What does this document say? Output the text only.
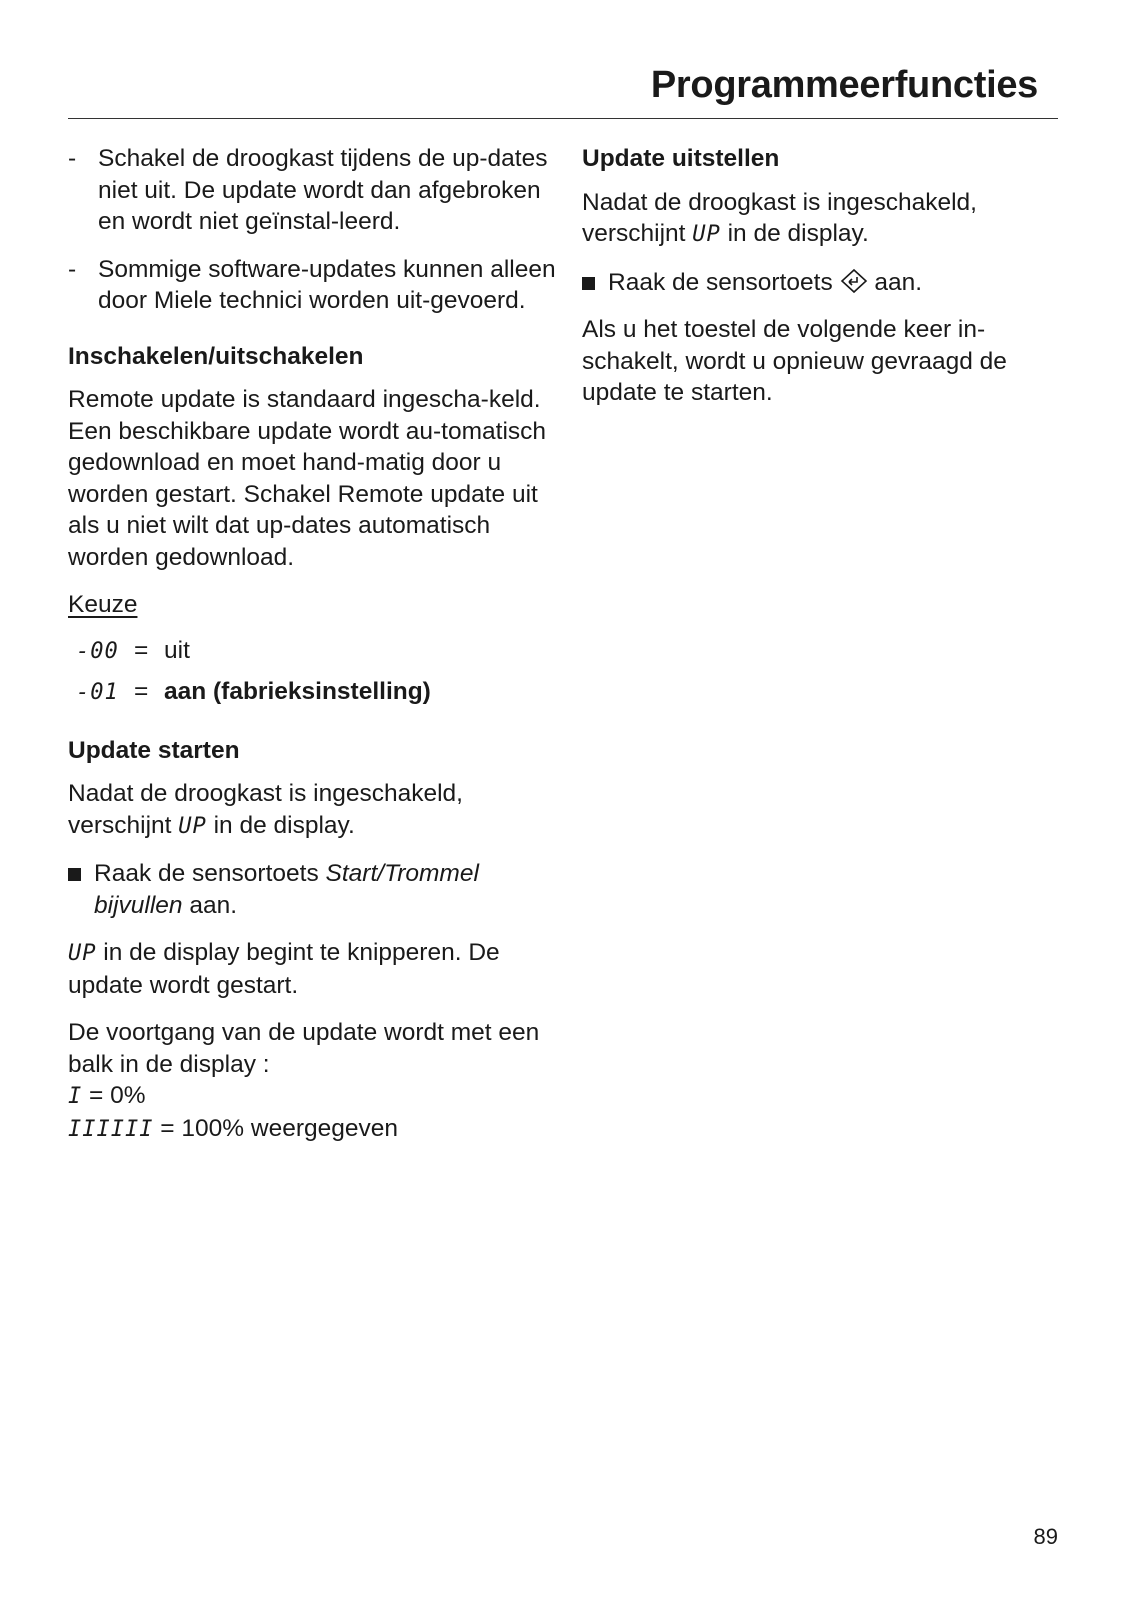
Programmeerfuncties
- Schakel de droogkast tijdens de up-dates niet uit. De update wordt dan afgebroken en wordt niet geïnstal-leerd.
- Sommige software-updates kunnen alleen door Miele technici worden uit-gevoerd.
Inschakelen/uitschakelen

Remote update is standaard ingescha-keld. Een beschikbare update wordt au-tomatisch gedownload en moet hand-matig door u worden gestart. Schakel Remote update uit als u niet wilt dat up-dates automatisch worden gedownload.

Keuze
-00 = uit
-01 = aan (fabrieksinstelling)
Update starten

Nadat de droogkast is ingeschakeld, verschijnt UP in de display.

Raak de sensortoets Start/Trommel bijvullen aan.

UP in de display begint te knipperen. De update wordt gestart.

De voortgang van de update wordt met een balk in de display :

I = 0%

IIIIII = 100% weergegeven

Update uitstellen

Nadat de droogkast is ingeschakeld, verschijnt UP in de display.

Raak de sensortoets  aan.

Als u het toestel de volgende keer in-schakelt, wordt u opnieuw gevraagd de update te starten.

89
